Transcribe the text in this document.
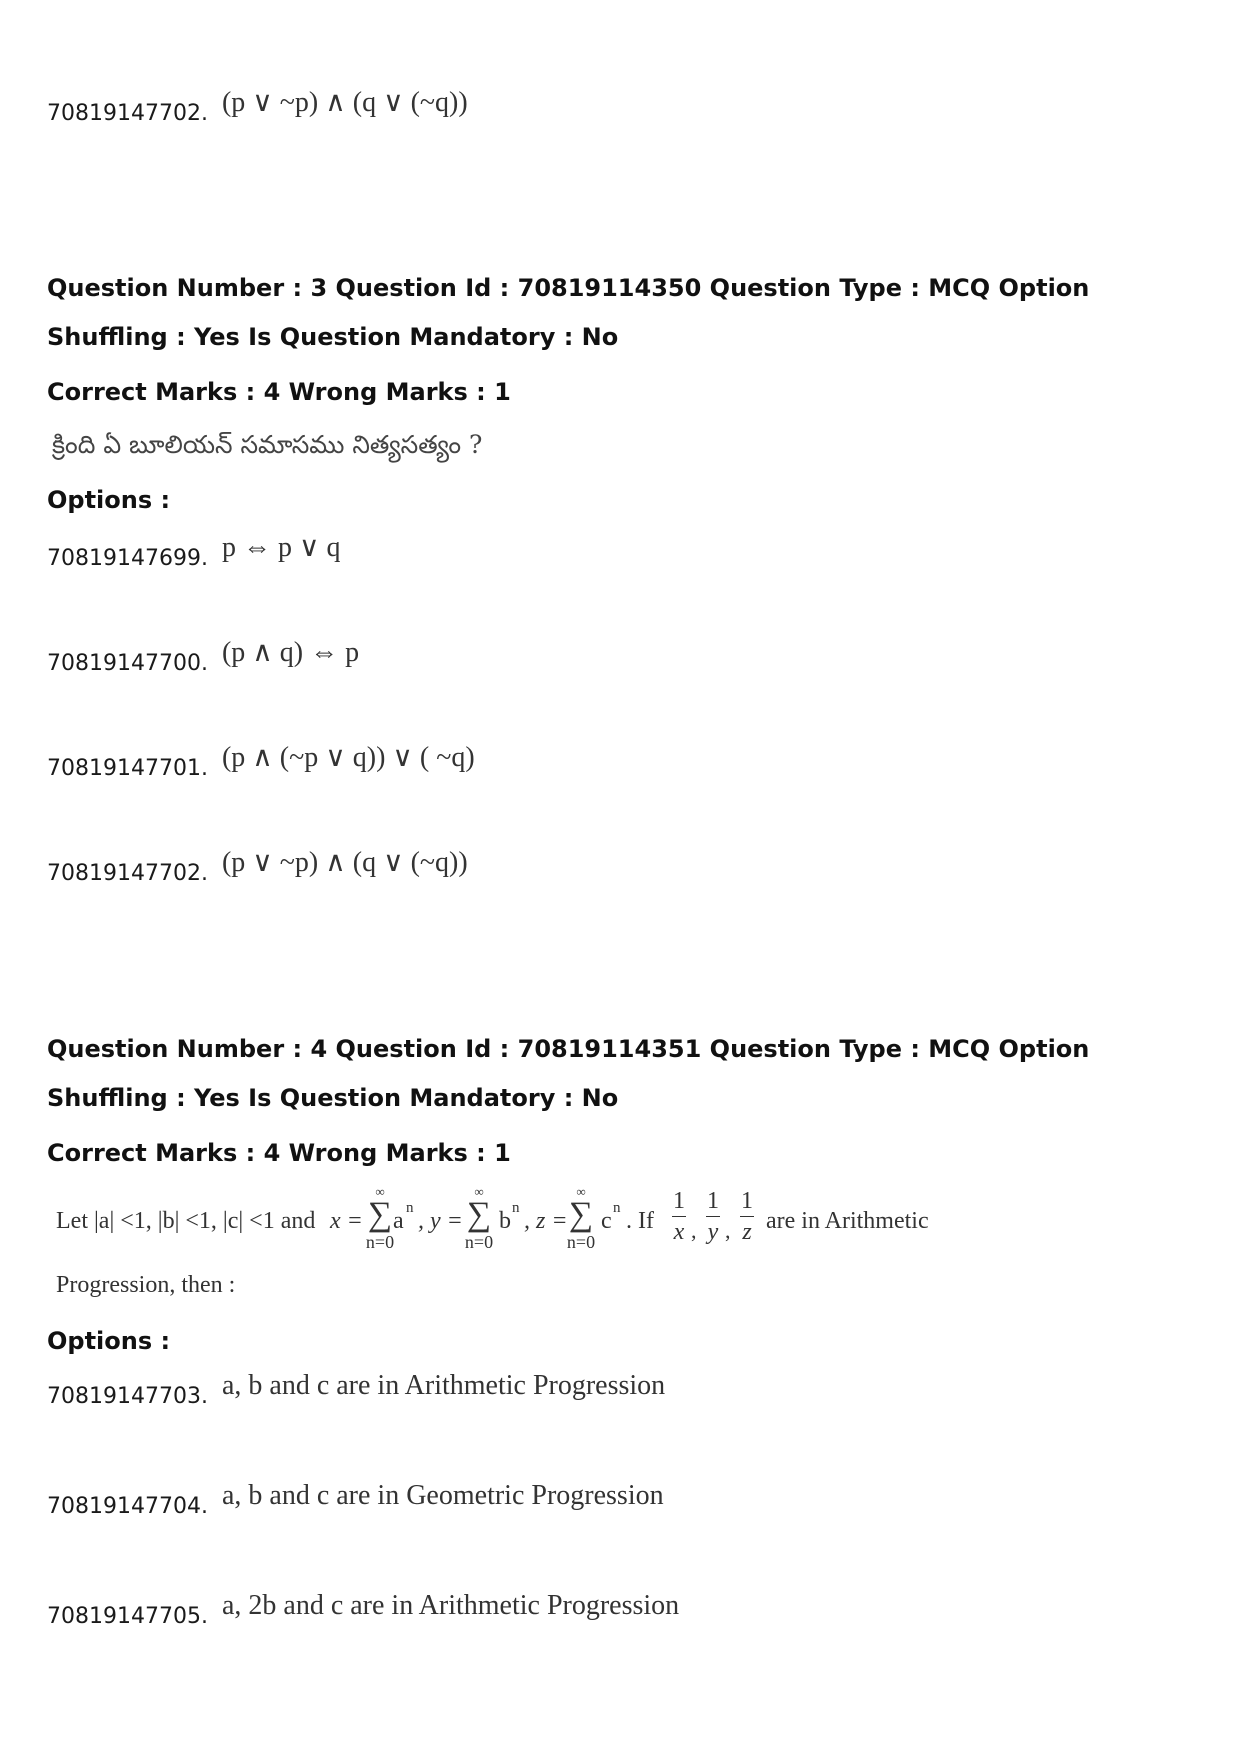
70819147702. (p ∨ ~p) ∧ (q ∨ (~q))
Question Number : 3 Question Id : 70819114350 Question Type : MCQ Option Shuffling : Yes Is Question Mandatory : No
Correct Marks : 4 Wrong Marks : 1
క్రింది ఏ బూలియన్ సమాసము నిత్యసత్యం ?
Options :
70819147699. p ⇔ p ∨ q
70819147700. (p ∧ q) ⇔ p
70819147701. (p ∧ (~p ∨ q)) ∨ ( ~q)
70819147702. (p ∨ ~p) ∧ (q ∨ (~q))
Question Number : 4 Question Id : 70819114351 Question Type : MCQ Option Shuffling : Yes Is Question Mandatory : No
Correct Marks : 4 Wrong Marks : 1
Let |a| <1, |b| <1, |c| <1 and x =
∞
∑
n=0
a n , y =
∞
∑
n=0
b n , z =
∞
∑
n=0
c n . If
1
x ,
1
y ,
1
z are in Arithmetic
Progression, then :
Options :
70819147703. a, b and c are in Arithmetic Progression
70819147704. a, b and c are in Geometric Progression
70819147705. a, 2b and c are in Arithmetic Progression
